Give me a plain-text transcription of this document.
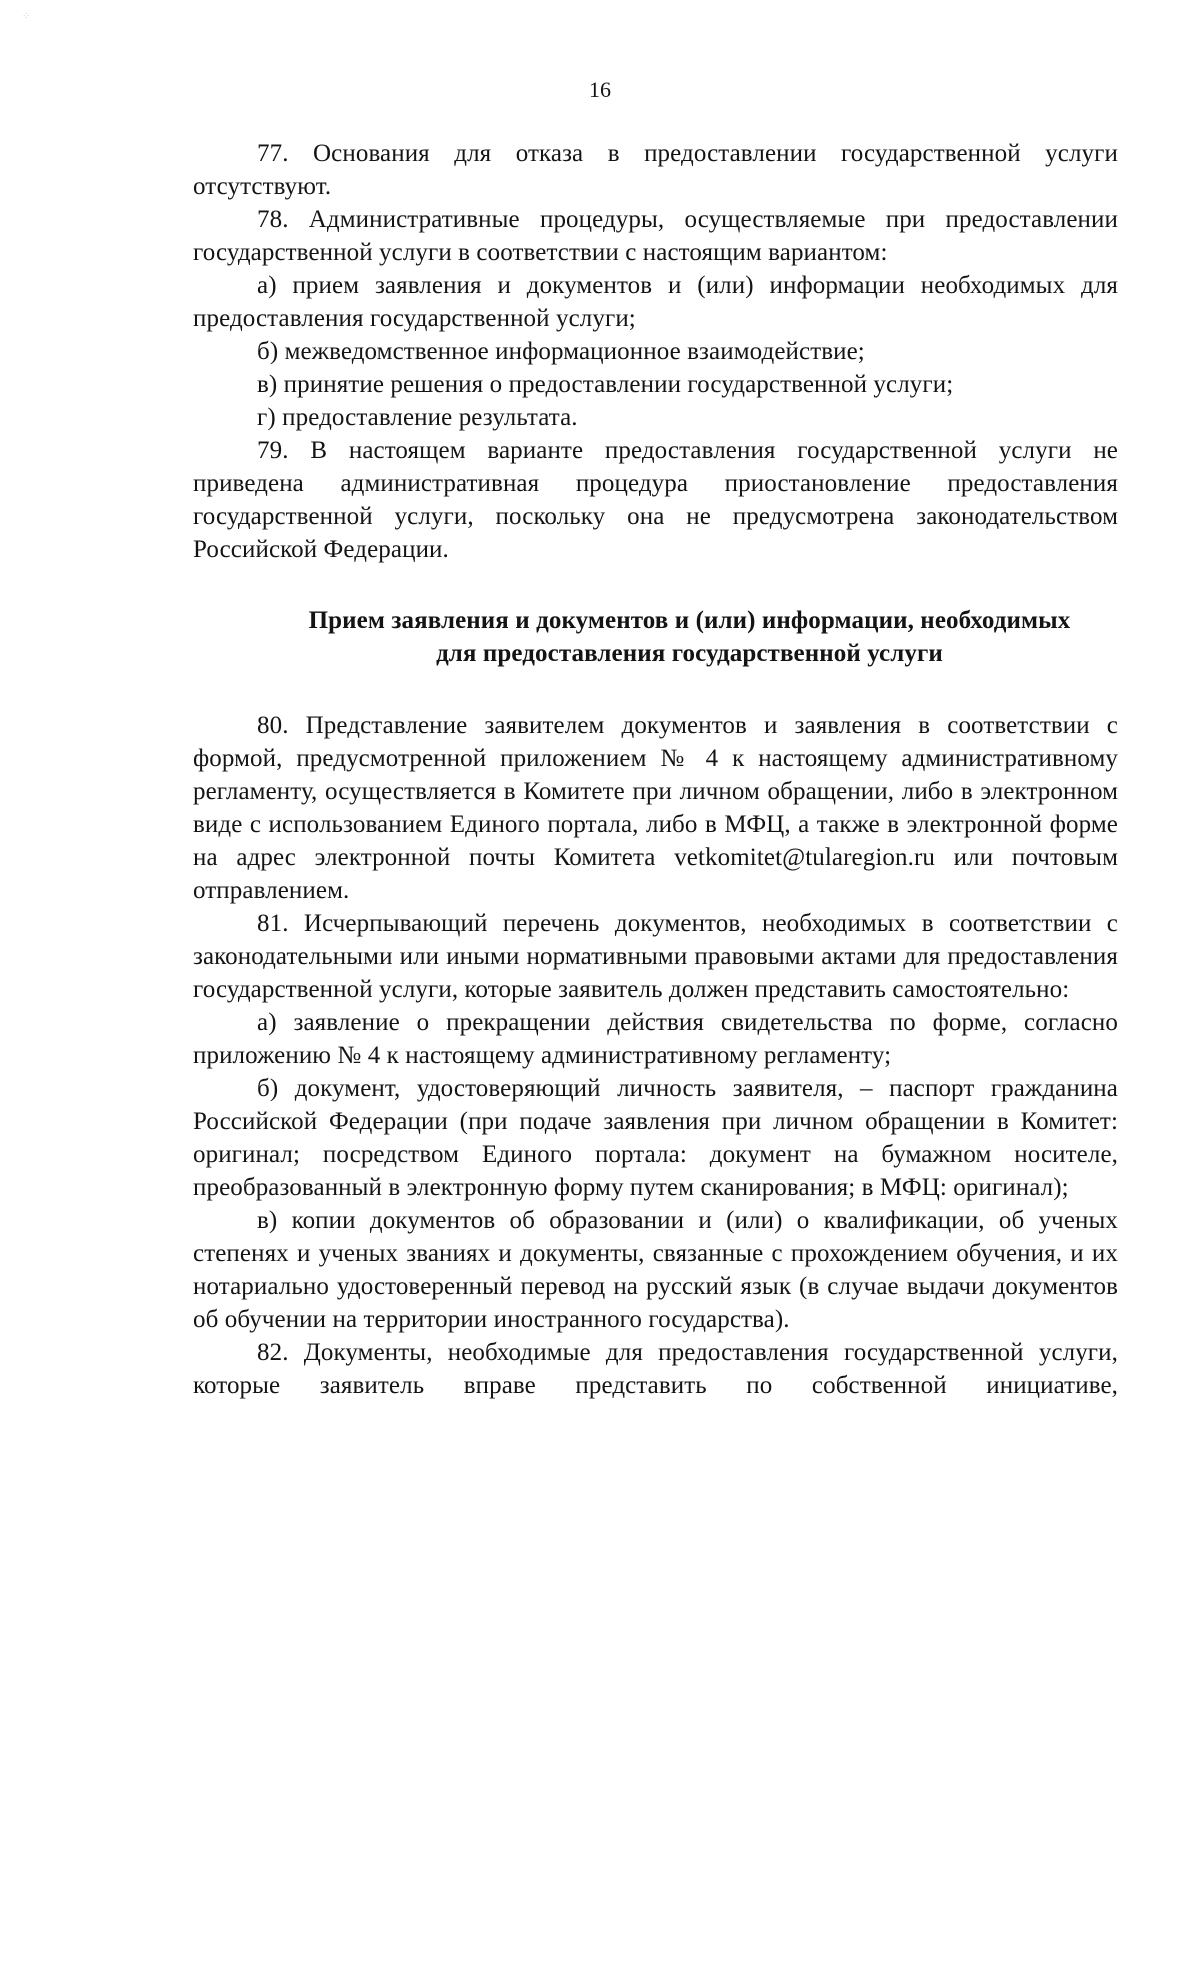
⁘
16

77. Основания для отказа в предоставлении государственной услуги отсутствуют.

78. Административные процедуры, осуществляемые при предоставлении государственной услуги в соответствии с настоящим вариантом:

а) прием заявления и документов и (или) информации необходимых для предоставления государственной услуги;

б) межведомственное информационное взаимодействие;

в) принятие решения о предоставлении государственной услуги;

г) предоставление результата.

79. В настоящем варианте предоставления государственной услуги не приведена административная процедура приостановление предоставления государственной услуги, поскольку она не предусмотрена законодательством Российской Федерации.

Прием заявления и документов и (или) информации, необходимых
для предоставления государственной услуги

80. Представление заявителем документов и заявления в соответствии с формой, предусмотренной приложением № 4 к настоящему административному регламенту, осуществляется в Комитете при личном обращении, либо в электронном виде с использованием Единого портала, либо в МФЦ, а также в электронной форме на адрес электронной почты Комитета vetkomitet@tularegion.ru или почтовым отправлением.

81. Исчерпывающий перечень документов, необходимых в соответствии с законодательными или иными нормативными правовыми актами для предоставления государственной услуги, которые заявитель должен представить самостоятельно:

а) заявление о прекращении действия свидетельства по форме, согласно приложению № 4 к настоящему административному регламенту;

б) документ, удостоверяющий личность заявителя, – паспорт гражданина Российской Федерации (при подаче заявления при личном обращении в Комитет: оригинал; посредством Единого портала: документ на бумажном носителе, преобразованный в электронную форму путем сканирования; в МФЦ: оригинал);

в) копии документов об образовании и (или) о квалификации, об ученых степенях и ученых званиях и документы, связанные с прохождением обучения, и их нотариально удостоверенный перевод на русский язык (в случае выдачи документов об обучении на территории иностранного государства).

82. Документы, необходимые для предоставления государственной услуги, которые заявитель вправе представить по собственной инициативе,
